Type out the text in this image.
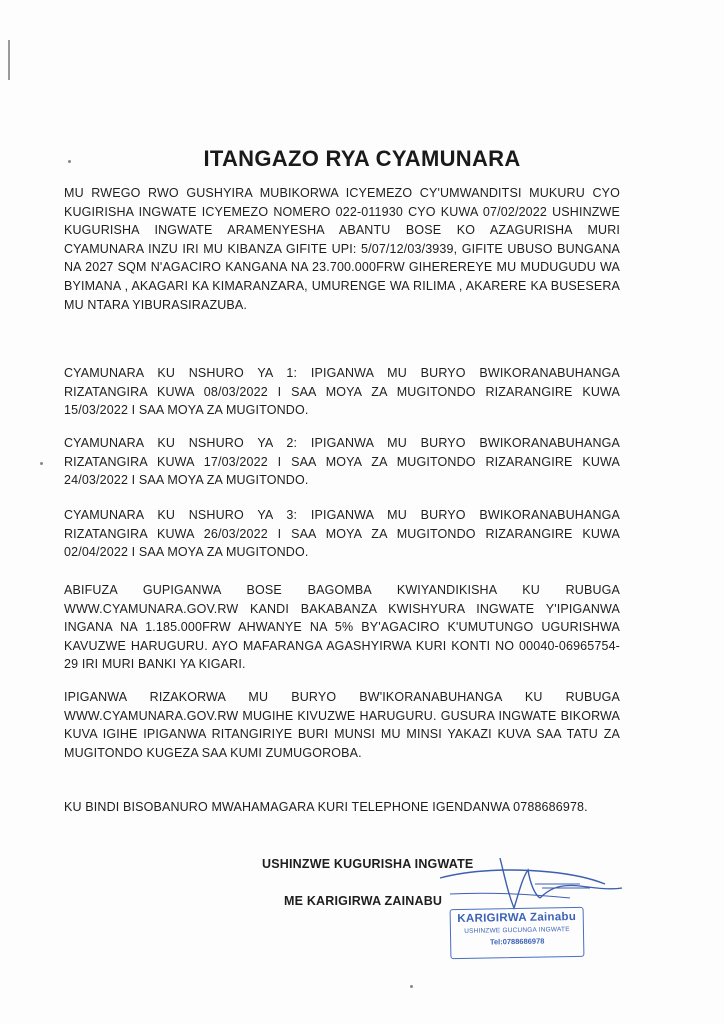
ITANGAZO RYA CYAMUNARA
MU RWEGO RWO GUSHYIRA MUBIKORWA ICYEMEZO CY'UMWANDITSI MUKURU CYO KUGIRISHA INGWATE ICYEMEZO NOMERO 022-011930 CYO KUWA 07/02/2022 USHINZWE KUGURISHA INGWATE ARAMENYESHA ABANTU BOSE KO AZAGURISHA MURI CYAMUNARA INZU IRI MU KIBANZA GIFITE UPI: 5/07/12/03/3939, GIFITE UBUSO BUNGANA NA 2027 SQM N'AGACIRO KANGANA NA 23.700.000FRW GIHEREREYE MU MUDUGUDU WA BYIMANA , AKAGARI KA KIMARANZARA, UMURENGE WA RILIMA , AKARERE KA BUSESERA MU NTARA YIBURASIRAZUBA.
CYAMUNARA KU NSHURO YA 1: IPIGANWA MU BURYO BWIKORANABUHANGA RIZATANGIRA KUWA 08/03/2022 I SAA MOYA ZA MUGITONDO RIZARANGIRE KUWA 15/03/2022 I SAA MOYA ZA MUGITONDO.
CYAMUNARA KU NSHURO YA 2: IPIGANWA MU BURYO BWIKORANABUHANGA RIZATANGIRA KUWA 17/03/2022 I SAA MOYA ZA MUGITONDO RIZARANGIRE KUWA 24/03/2022 I SAA MOYA ZA MUGITONDO.
CYAMUNARA KU NSHURO YA 3: IPIGANWA MU BURYO BWIKORANABUHANGA RIZATANGIRA KUWA 26/03/2022 I SAA MOYA ZA MUGITONDO RIZARANGIRE KUWA 02/04/2022 I SAA MOYA ZA MUGITONDO.
ABIFUZA GUPIGANWA BOSE BAGOMBA KWIYANDIKISHA KU RUBUGA WWW.CYAMUNARA.GOV.RW KANDI BAKABANZA KWISHYURA INGWATE Y'IPIGANWA INGANA NA 1.185.000FRW AHWANYE NA 5% BY'AGACIRO K'UMUTUNGO UGURISHWA KAVUZWE HARUGURU. AYO MAFARANGA AGASHYIRWA KURI KONTI NO 00040-06965754-29 IRI MURI BANKI YA KIGARI.
IPIGANWA RIZAKORWA MU BURYO BW'IKORANABUHANGA KU RUBUGA WWW.CYAMUNARA.GOV.RW MUGIHE KIVUZWE HARUGURU. GUSURA INGWATE BIKORWA KUVA IGIHE IPIGANWA RITANGIRIYE BURI MUNSI MU MINSI YAKAZI KUVA SAA TATU ZA MUGITONDO KUGEZA SAA KUMI ZUMUGOROBA.
KU BINDI BISOBANURO MWAHAMAGARA KURI TELEPHONE IGENDANWA 0788686978.
USHINZWE KUGURISHA INGWATE
ME KARIGIRWA ZAINABU
KARIGIRWA Zainabu
USHINZWE GUCUNGA INGWATE
Tel:0788686978
